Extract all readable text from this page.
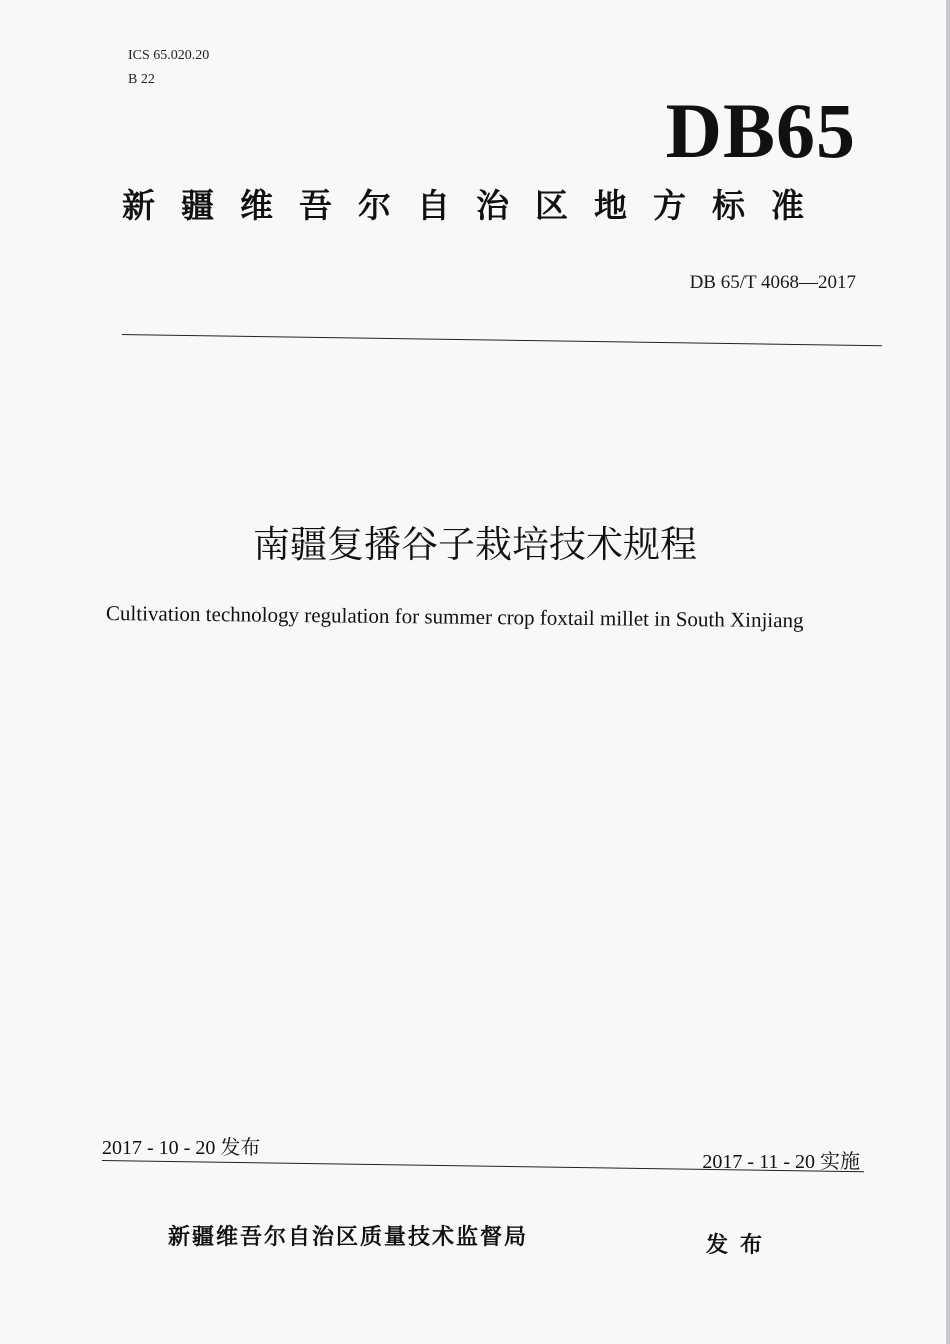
ICS 65.020.20
B 22
DB65
新疆维吾尔自治区地方标准
DB 65/T 4068—2017
南疆复播谷子栽培技术规程
Cultivation technology regulation for summer crop foxtail millet in South Xinjiang
2017 - 10 - 20 发布
2017 - 11 - 20 实施
新疆维吾尔自治区质量技术监督局	发布
